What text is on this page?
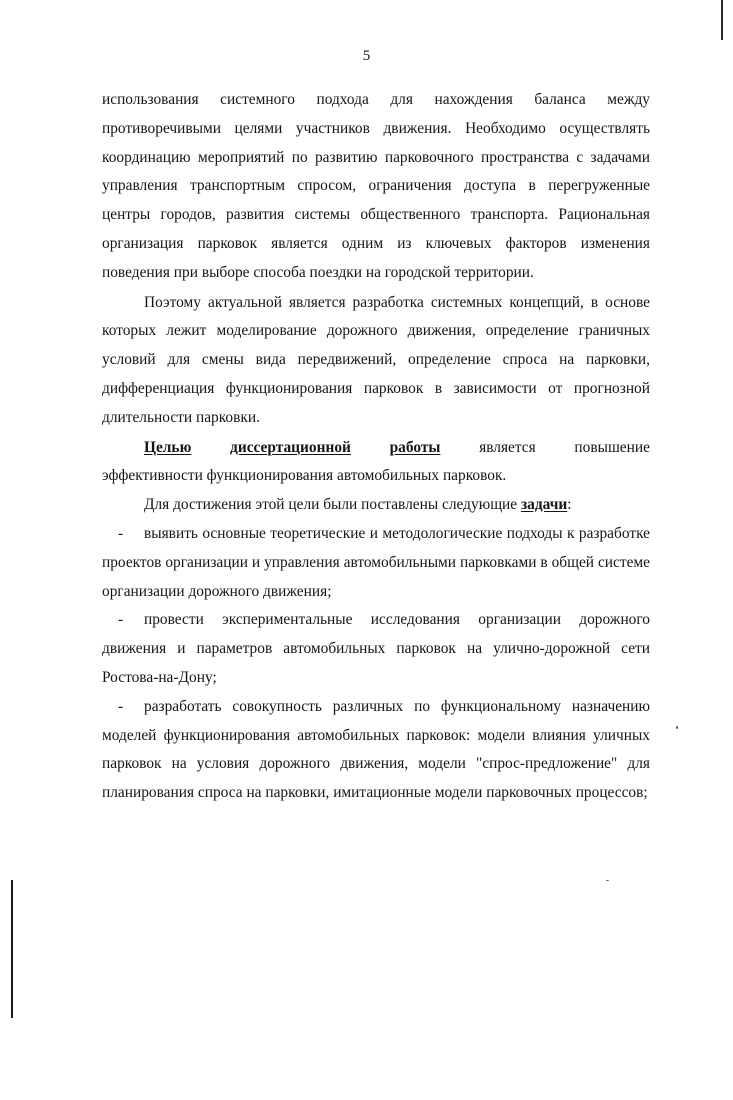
5

использования системного подхода для нахождения баланса между противоречивыми целями участников движения. Необходимо осуществлять координацию мероприятий по развитию парковочного пространства с задачами управления транспортным спросом, ограничения доступа в перегруженные центры городов, развития системы общественного транспорта. Рациональная организация парковок является одним из ключевых факторов изменения поведения при выборе способа поездки на городской территории.

Поэтому актуальной является разработка системных концепций, в основе которых лежит моделирование дорожного движения, определение граничных условий для смены вида передвижений, определение спроса на парковки, дифференциация функционирования парковок в зависимости от прогнозной длительности парковки.

Целью	диссертационной	работы	является	повышение

эффективности функционирования автомобильных парковок.

Для достижения этой цели были поставлены следующие задачи:

-	выявить основные теоретические и методологические подходы к разработке проектов организации и управления автомобильными парковками в общей системе организации дорожного движения;
-	провести экспериментальные исследования организации дорожного движения и параметров автомобильных парковок на улично-дорожной сети Ростова-на-Дону;
-	разработать совокупность различных по функциональному назначению моделей функционирования автомобильных парковок: модели влияния уличных парковок на условия дорожного движения, модели "спрос-предложение" для планирования спроса на парковки, имитационные модели парковочных процессов;
